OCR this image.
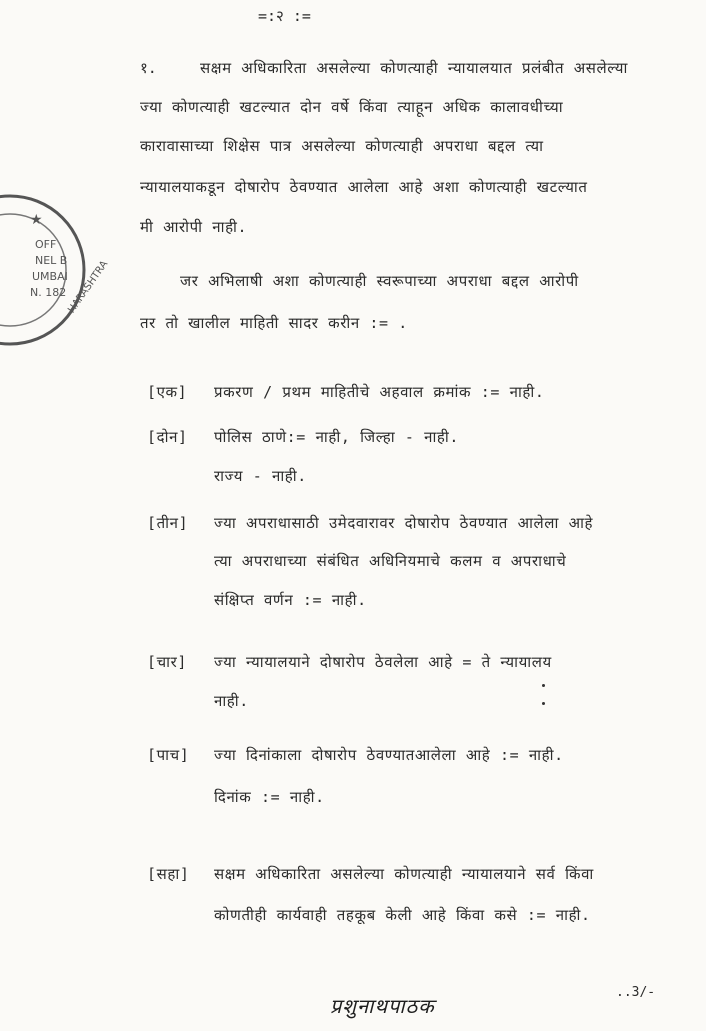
=:२ :=
★
OFF
NEL B
UMBAI
N. 182 HARASHTRA
१.	सक्षम अधिकारिता असलेल्या कोणत्याही न्यायालयात प्रलंबीत असलेल्या
ज्या कोणत्याही खटल्यात दोन वर्षे किंवा त्याहून अधिक कालावधीच्या
कारावासाच्या शिक्षेस पात्र असलेल्या कोणत्याही अपराधा बद्दल त्या
न्यायालयाकडून दोषारोप ठेवण्यात आलेला आहे अशा कोणत्याही खटल्यात
मी आरोपी नाही.
जर अभिलाषी अशा कोणत्याही स्वरूपाच्या अपराधा बद्दल आरोपी
तर तो खालील माहिती सादर करीन := .
[एक] प्रकरण / प्रथम माहितीचे अहवाल क्रमांक := नाही.
[दोन] पोलिस ठाणे:= नाही, जिल्हा - नाही.
राज्य - नाही.
[तीन] ज्या अपराधासाठी उमेदवारावर दोषारोप ठेवण्यात आलेला आहे
त्या अपराधाच्या संबंधित अधिनियमाचे कलम व अपराधाचे
संक्षिप्त वर्णन := नाही.
[चार] ज्या न्यायालयाने दोषारोप ठेवलेला आहे = ते न्यायालय
नाही.
[पाच] ज्या दिनांकाला दोषारोप ठेवण्यातआलेला आहे := नाही.
दिनांक := नाही.
[सहा] सक्षम अधिकारिता असलेल्या कोणत्याही न्यायालयाने सर्व किंवा
कोणतीही कार्यवाही तहकूब केली आहे किंवा कसे := नाही.
..3/-
प्रशुनाथपाठक
